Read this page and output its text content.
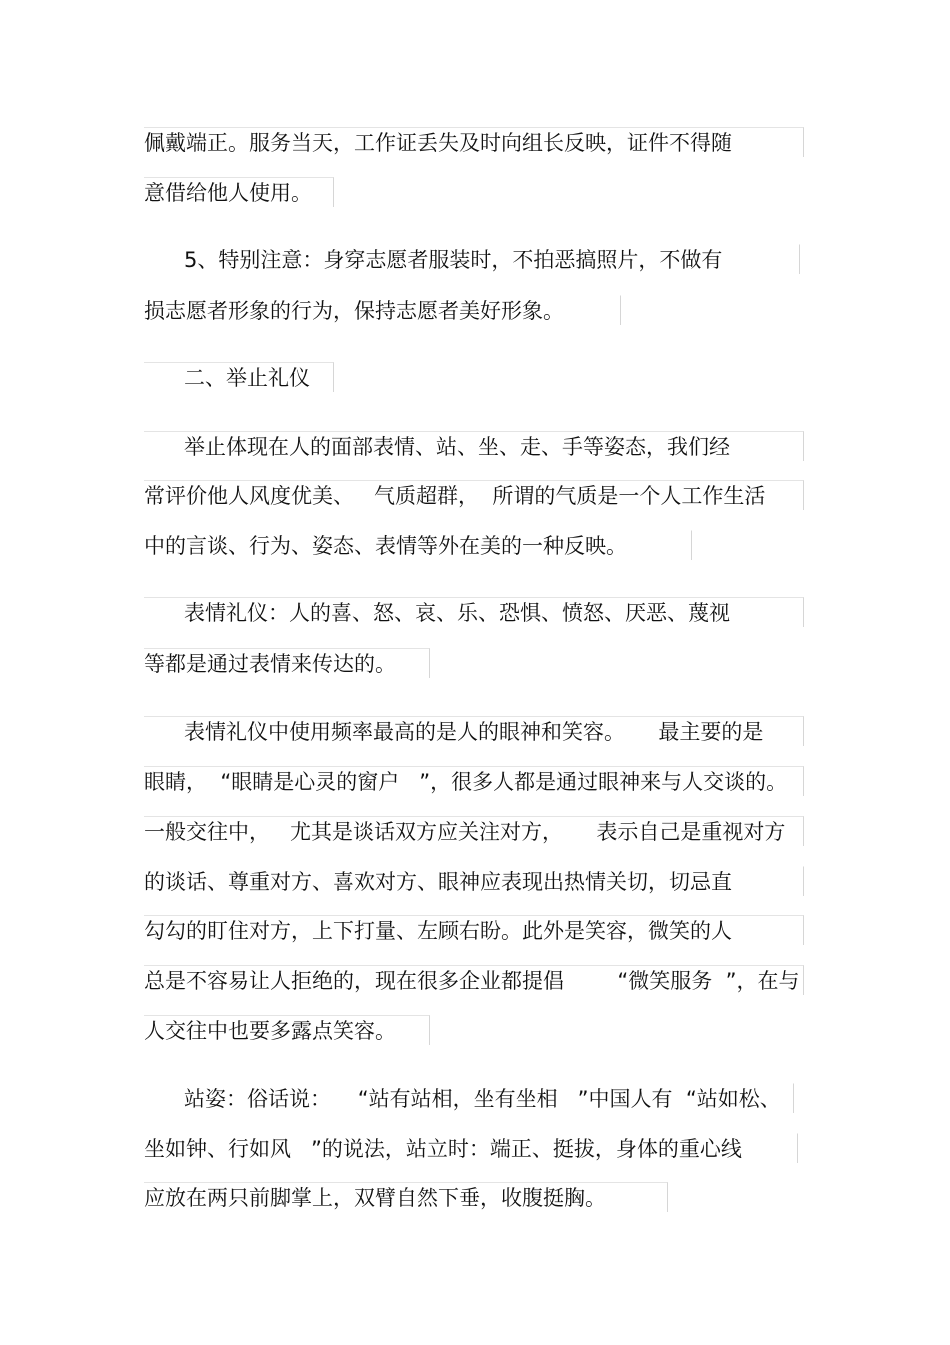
佩戴端正。服务当天，工作证丢失及时向组长反映，证件不得随
意借给他人使用。
5、特别注意：身穿志愿者服装时，不拍恶搞照片，不做有
损志愿者形象的行为，保持志愿者美好形象。
二、举止礼仪
举止体现在人的面部表情、站、坐、走、手等姿态，我们经
常评价他人风度优美、   气质超群，  所谓的气质是一个人工作生活
中的言谈、行为、姿态、表情等外在美的一种反映。
表情礼仪：人的喜、怒、哀、乐、恐惧、愤怒、厌恶、蔑视
等都是通过表情来传达的。
表情礼仪中使用频率最高的是人的眼神和笑容。     最主要的是
眼睛，  “眼睛是心灵的窗户   ”，很多人都是通过眼神来与人交谈的。
一般交往中，   尤其是谈话双方应关注对方，     表示自己是重视对方
的谈话、尊重对方、喜欢对方、眼神应表现出热情关切，切忌直
勾勾的盯住对方，上下打量、左顾右盼。此外是笑容，微笑的人
总是不容易让人拒绝的，现在很多企业都提倡        “微笑服务  ”，在与
人交往中也要多露点笑容。
站姿：俗话说：    “站有站相，坐有坐相   ”中国人有  “站如松、
坐如钟、行如风   ”的说法，站立时：端正、挺拔，身体的重心线
应放在两只前脚掌上，双臂自然下垂，收腹挺胸。
